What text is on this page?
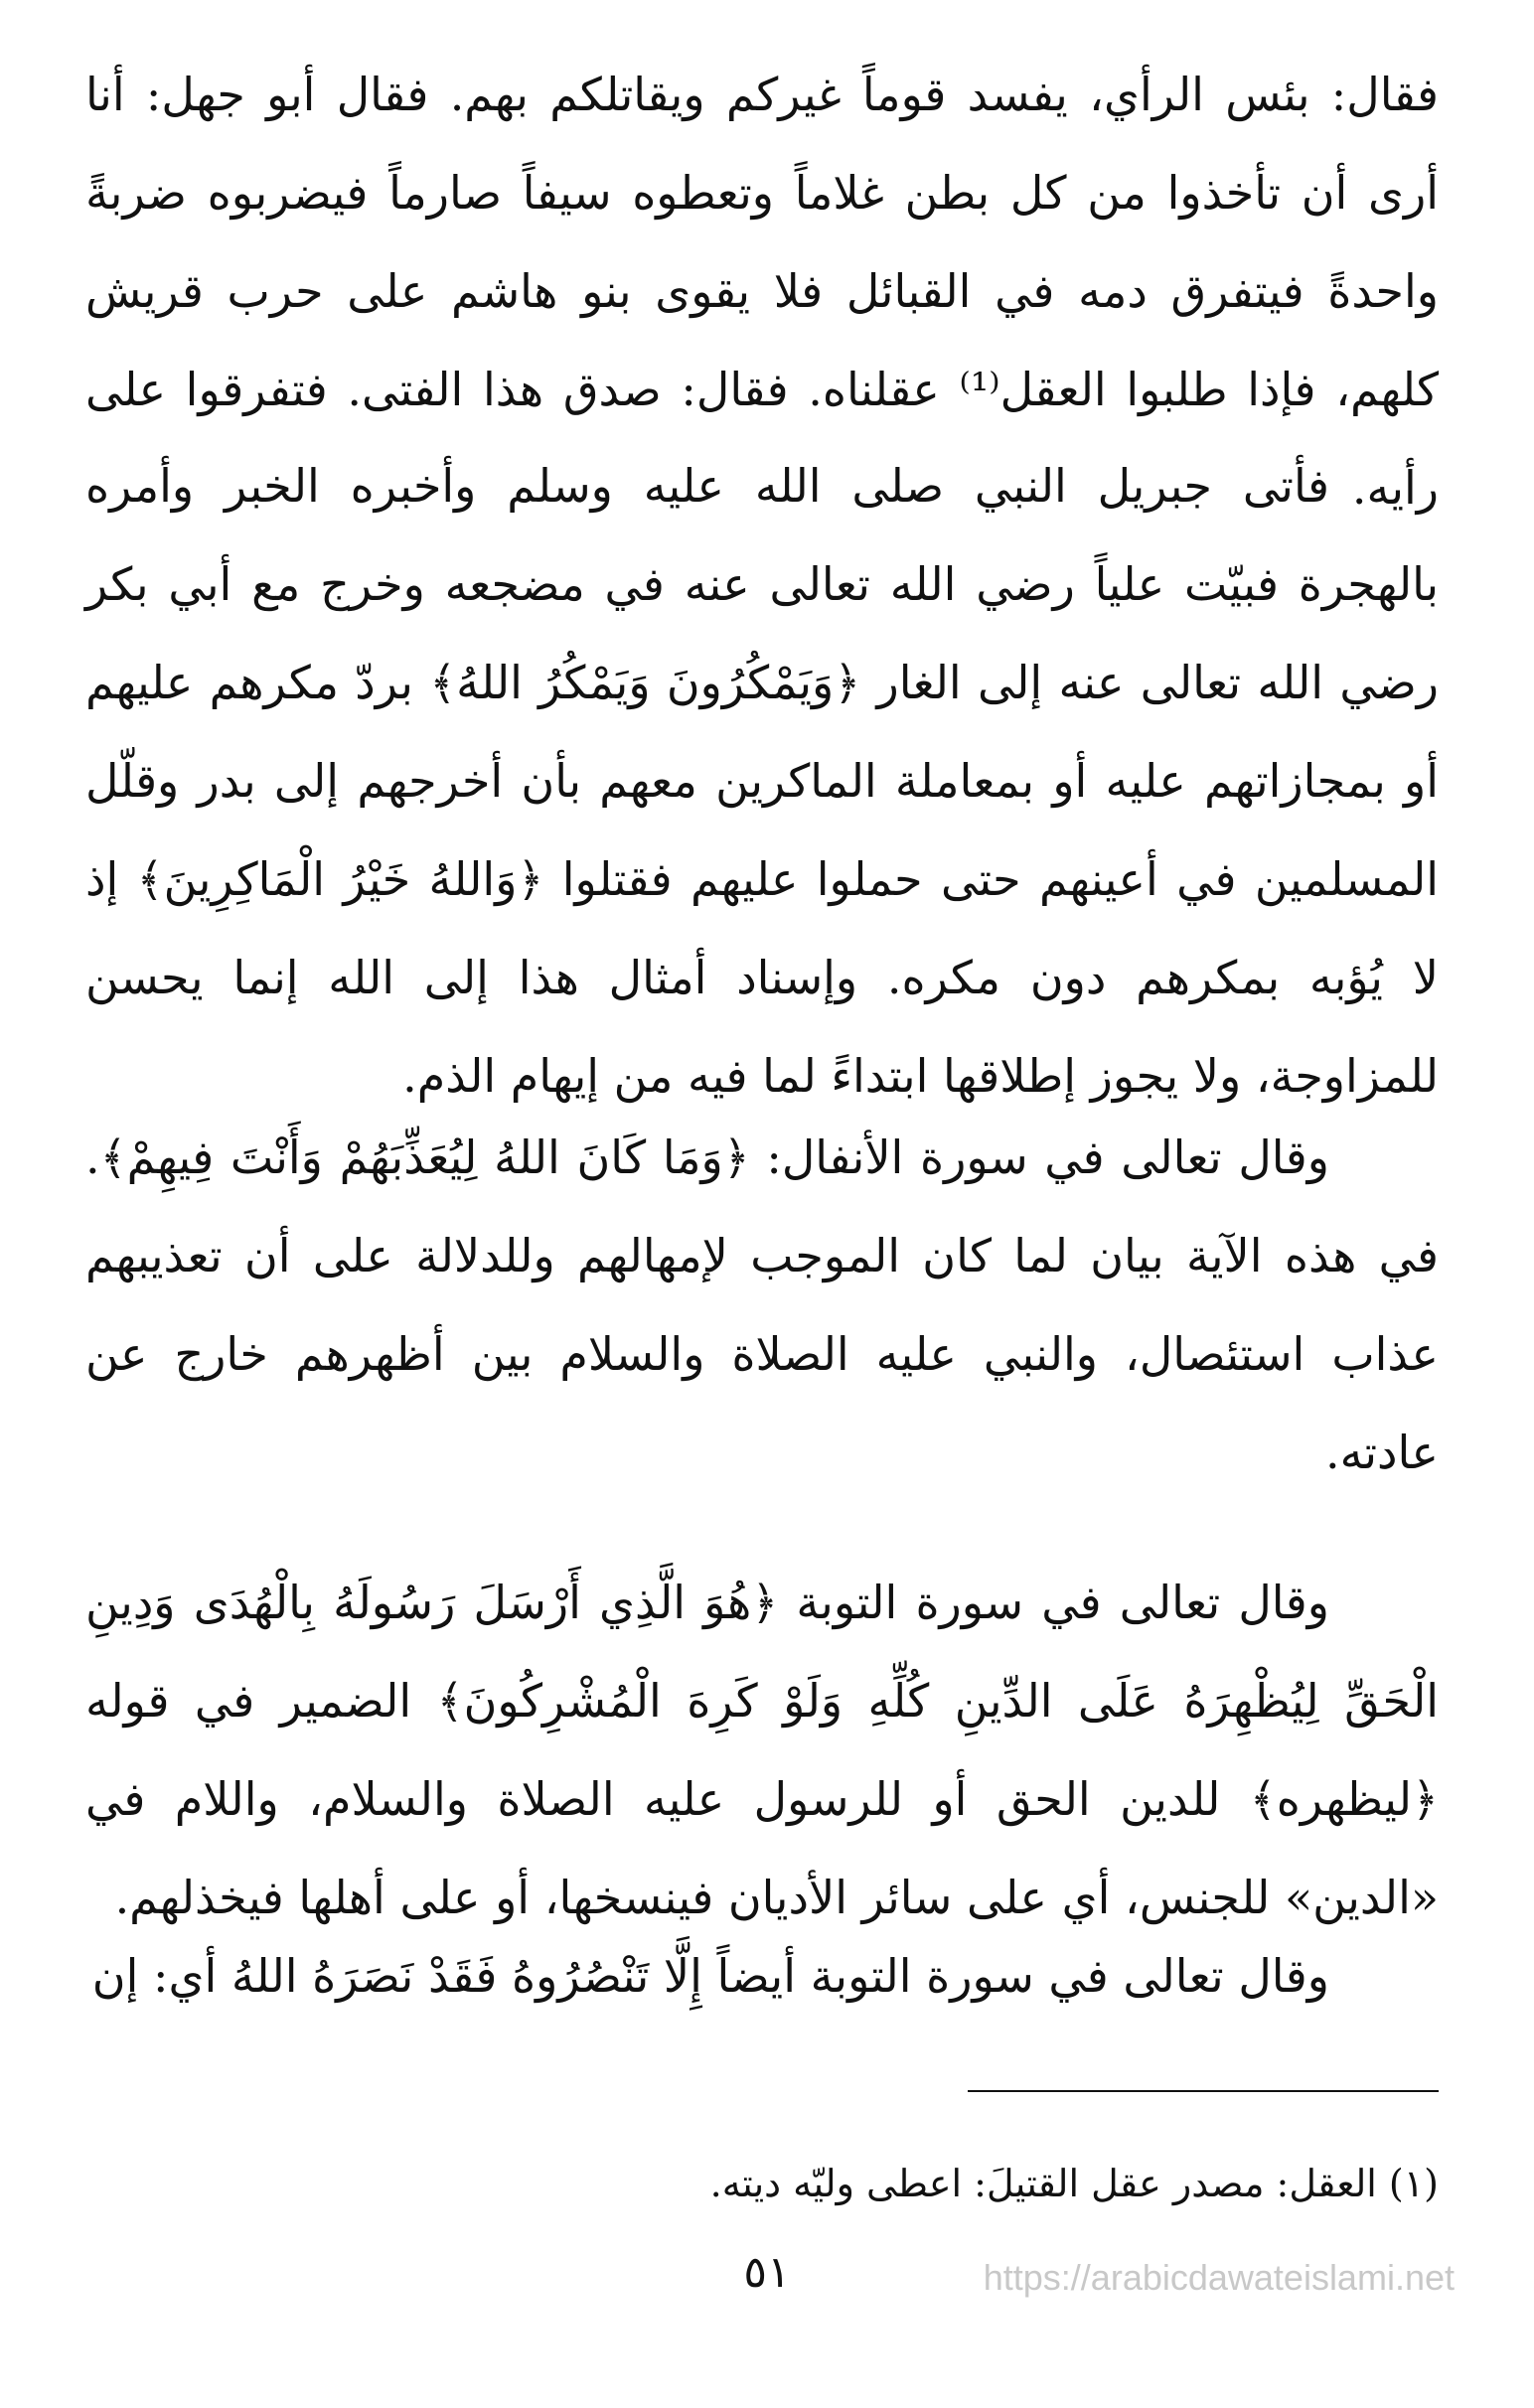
فقال: بئس الرأي، يفسد قوماً غيركم ويقاتلكم بهم. فقال أبو جهل: أنا أرى أن تأخذوا من كل بطن غلاماً وتعطوه سيفاً صارماً فيضربوه ضربةً واحدةً فيتفرق دمه في القبائل فلا يقوى بنو هاشم على حرب قريش كلهم، فإذا طلبوا العقل⁽¹⁾ عقلناه. فقال: صدق هذا الفتى. فتفرقوا على رأيه.

فأتى جبريل النبي صلى الله عليه وسلم وأخبره الخبر وأمره بالهجرة فبيّت علياً رضي الله تعالى عنه في مضجعه وخرج مع أبي بكر رضي الله تعالى عنه إلى الغار ﴿وَيَمْكُرُونَ وَيَمْكُرُ اللهُ﴾ بردّ مكرهم عليهم أو بمجازاتهم عليه أو بمعاملة الماكرين معهم بأن أخرجهم إلى بدر وقلّل المسلمين في أعينهم حتى حملوا عليهم فقتلوا ﴿وَاللهُ خَيْرُ الْمَاكِرِينَ﴾ إذ لا يُؤبه بمكرهم دون مكره. وإسناد أمثال هذا إلى الله إنما يحسن للمزاوجة، ولا يجوز إطلاقها ابتداءً لما فيه من إيهام الذم.

وقال تعالى في سورة الأنفال: ﴿وَمَا كَانَ اللهُ لِيُعَذِّبَهُمْ وَأَنْتَ فِيهِمْ﴾. في هذه الآية بيان لما كان الموجب لإمهالهم وللدلالة على أن تعذيبهم عذاب استئصال، والنبي عليه الصلاة والسلام بين أظهرهم خارج عن عادته.

وقال تعالى في سورة التوبة ﴿هُوَ الَّذِي أَرْسَلَ رَسُولَهُ بِالْهُدَى وَدِينِ الْحَقِّ لِيُظْهِرَهُ عَلَى الدِّينِ كُلِّهِ وَلَوْ كَرِهَ الْمُشْرِكُونَ﴾ الضمير في قوله ﴿ليظهره﴾ للدين الحق أو للرسول عليه الصلاة والسلام، واللام في «الدين» للجنس، أي على سائر الأديان فينسخها، أو على أهلها فيخذلهم.

وقال تعالى في سورة التوبة أيضاً إِلَّا تَنْصُرُوهُ فَقَدْ نَصَرَهُ اللهُ أي: إن

(١) العقل: مصدر عقل القتيلَ: اعطى وليّه ديته.

٥١	https://arabicdawateislami.net
